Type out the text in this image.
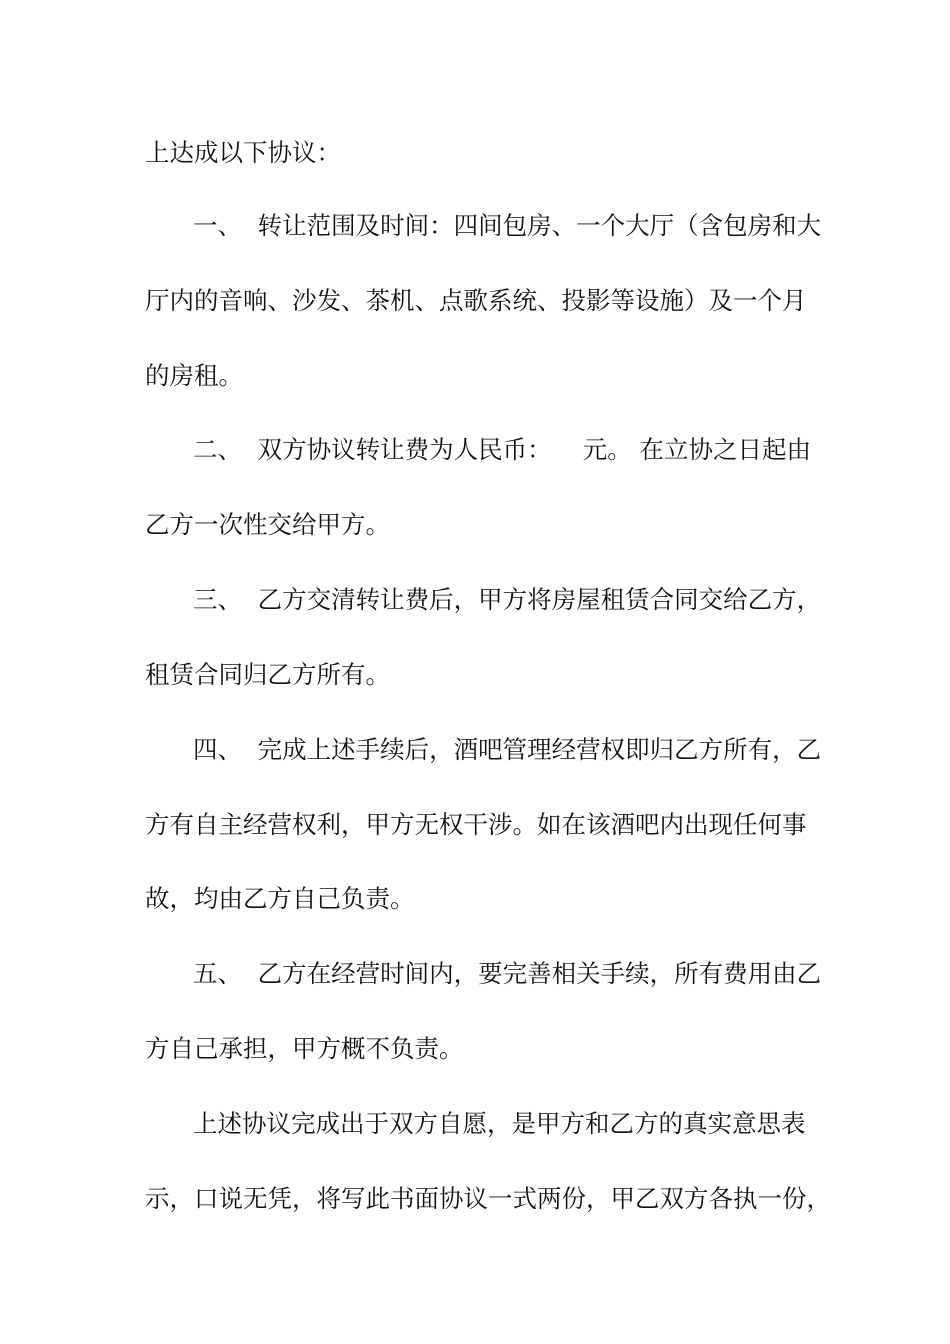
上达成以下协议：

一、  转让范围及时间：四间包房、一个大厅（含包房和大

厅内的音响、沙发、茶机、点歌系统、投影等设施）及一个月

的房租。

二、  双方协议转让费为人民币：    元。 在立协之日起由

乙方一次性交给甲方。

三、  乙方交清转让费后，甲方将房屋租赁合同交给乙方，

租赁合同归乙方所有。

四、  完成上述手续后，酒吧管理经营权即归乙方所有，乙

方有自主经营权利，甲方无权干涉。如在该酒吧内出现任何事

故，均由乙方自己负责。

五、  乙方在经营时间内，要完善相关手续，所有费用由乙

方自己承担，甲方概不负责。

上述协议完成出于双方自愿，是甲方和乙方的真实意思表

示，口说无凭，将写此书面协议一式两份，甲乙双方各执一份，
